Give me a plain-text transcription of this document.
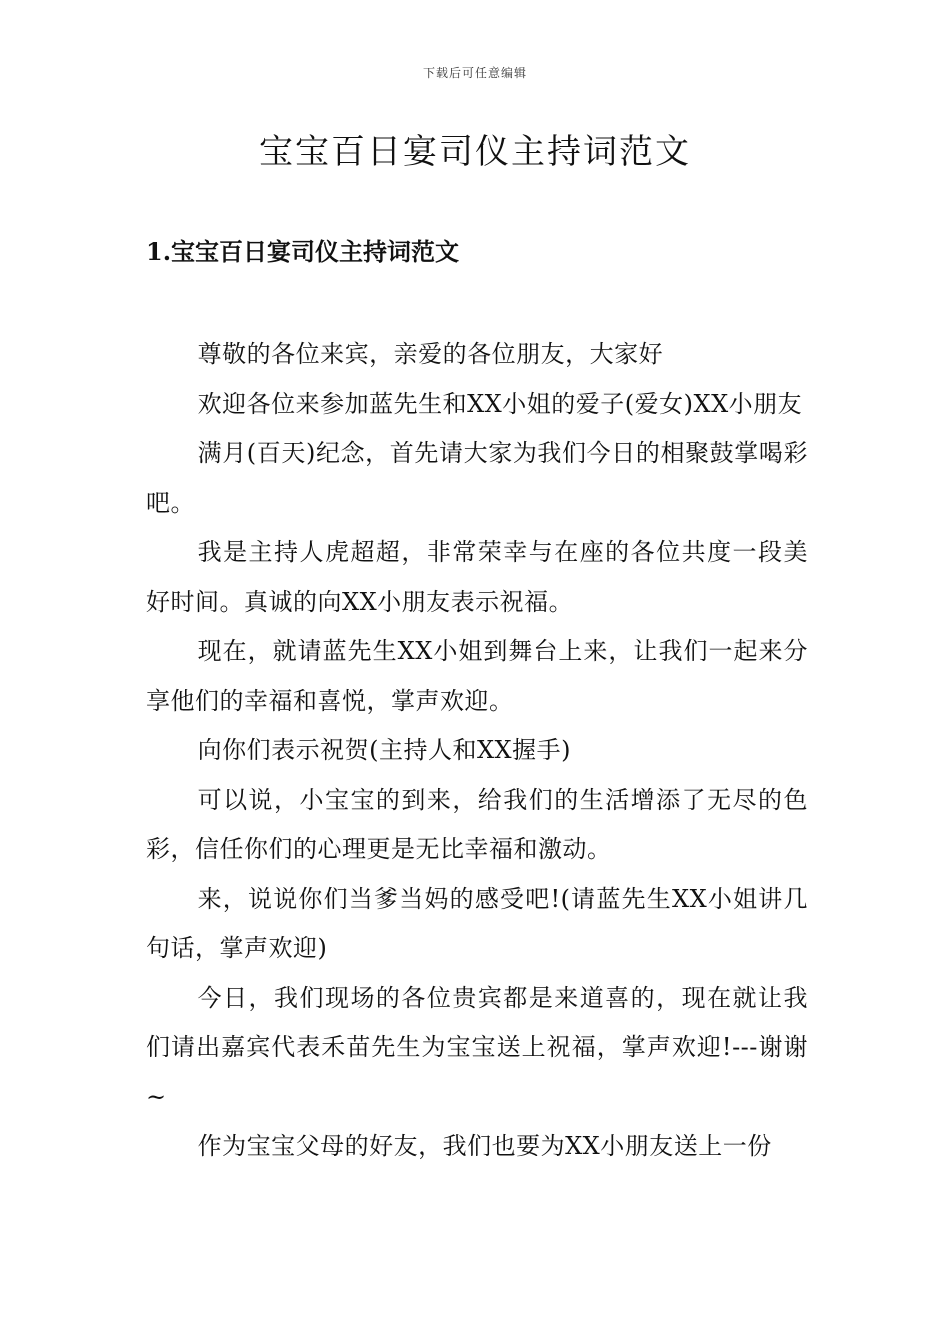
下载后可任意编辑
宝宝百日宴司仪主持词范文
1.宝宝百日宴司仪主持词范文

尊敬的各位来宾，亲爱的各位朋友，大家好

欢迎各位来参加蓝先生和XX小姐的爱子(爱女)XX小朋友

满月(百天)纪念，首先请大家为我们今日的相聚鼓掌喝彩吧。

我是主持人虎超超，非常荣幸与在座的各位共度一段美好时间。真诚的向XX小朋友表示祝福。

现在，就请蓝先生XX小姐到舞台上来，让我们一起来分享他们的幸福和喜悦，掌声欢迎。

向你们表示祝贺(主持人和XX握手)

可以说，小宝宝的到来，给我们的生活增添了无尽的色彩，信任你们的心理更是无比幸福和激动。

来，说说你们当爹当妈的感受吧!(请蓝先生XX小姐讲几句话，掌声欢迎)

今日，我们现场的各位贵宾都是来道喜的，现在就让我们请出嘉宾代表禾苗先生为宝宝送上祝福，掌声欢迎!---谢谢~

作为宝宝父母的好友，我们也要为XX小朋友送上一份
